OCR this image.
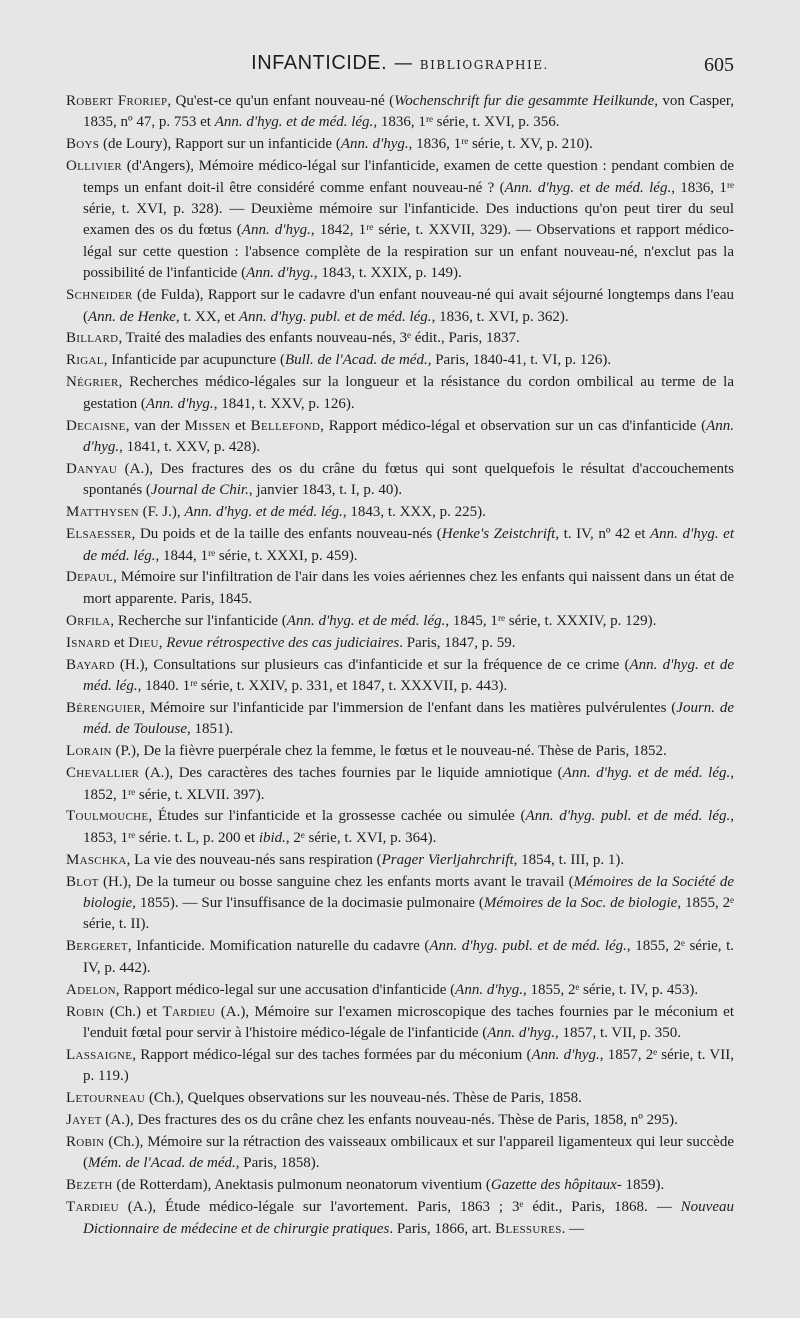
INFANTICIDE. — BIBLIOGRAPHIE.	605

Robert Froriep, Qu'est-ce qu'un enfant nouveau-né (Wochenschrift fur die gesammte Heilkunde, von Casper, 1835, nº 47, p. 753 et Ann. d'hyg. et de méd. lég., 1836, 1ʳᵉ série, t. XVI, p. 356.

Boys (de Loury), Rapport sur un infanticide (Ann. d'hyg., 1836, 1ʳᵉ série, t. XV, p. 210).

Ollivier (d'Angers), Mémoire médico-légal sur l'infanticide, examen de cette question : pendant combien de temps un enfant doit-il être considéré comme enfant nouveau-né ? (Ann. d'hyg. et de méd. lég., 1836, 1ʳᵉ série, t. XVI, p. 328). — Deuxième mémoire sur l'infanticide. Des inductions qu'on peut tirer du seul examen des os du fœtus (Ann. d'hyg., 1842, 1ʳᵉ série, t. XXVII, 329). — Observations et rapport médico-légal sur cette question : l'absence complète de la respiration sur un enfant nouveau-né, n'exclut pas la possibilité de l'infanticide (Ann. d'hyg., 1843, t. XXIX, p. 149).

Schneider (de Fulda), Rapport sur le cadavre d'un enfant nouveau-né qui avait séjourné longtemps dans l'eau (Ann. de Henke, t. XX, et Ann. d'hyg. publ. et de méd. lég., 1836, t. XVI, p. 362).

Billard, Traité des maladies des enfants nouveau-nés, 3ᵉ édit., Paris, 1837.

Rigal, Infanticide par acupuncture (Bull. de l'Acad. de méd., Paris, 1840-41, t. VI, p. 126).

Négrier, Recherches médico-légales sur la longueur et la résistance du cordon ombilical au terme de la gestation (Ann. d'hyg., 1841, t. XXV, p. 126).

Decaisne, van der Missen et Bellefond, Rapport médico-légal et observation sur un cas d'infanticide (Ann. d'hyg., 1841, t. XXV, p. 428).

Danyau (A.), Des fractures des os du crâne du fœtus qui sont quelquefois le résultat d'accouchements spontanés (Journal de Chir., janvier 1843, t. I, p. 40).

Matthysen (F. J.), Ann. d'hyg. et de méd. lég., 1843, t. XXX, p. 225).

Elsaesser, Du poids et de la taille des enfants nouveau-nés (Henke's Zeistchrift, t. IV, nº 42 et Ann. d'hyg. et de méd. lég., 1844, 1ʳᵉ série, t. XXXI, p. 459).

Depaul, Mémoire sur l'infiltration de l'air dans les voies aériennes chez les enfants qui naissent dans un état de mort apparente. Paris, 1845.

Orfila, Recherche sur l'infanticide (Ann. d'hyg. et de méd. lég., 1845, 1ʳᵉ série, t. XXXIV, p. 129).

Isnard et Dieu, Revue rétrospective des cas judiciaires. Paris, 1847, p. 59.

Bayard (H.), Consultations sur plusieurs cas d'infanticide et sur la fréquence de ce crime (Ann. d'hyg. et de méd. lég., 1840. 1ʳᵉ série, t. XXIV, p. 331, et 1847, t. XXXVII, p. 443).

Bérenguier, Mémoire sur l'infanticide par l'immersion de l'enfant dans les matières pulvérulentes (Journ. de méd. de Toulouse, 1851).

Lorain (P.), De la fièvre puerpérale chez la femme, le fœtus et le nouveau-né. Thèse de Paris, 1852.

Chevallier (A.), Des caractères des taches fournies par le liquide amniotique (Ann. d'hyg. et de méd. lég., 1852, 1ʳᵉ série, t. XLVII. 397).

Toulmouche, Études sur l'infanticide et la grossesse cachée ou simulée (Ann. d'hyg. publ. et de méd. lég., 1853, 1ʳᵉ série. t. L, p. 200 et ibid., 2ᵉ série, t. XVI, p. 364).

Maschka, La vie des nouveau-nés sans respiration (Prager Vierljahrchrift, 1854, t. III, p. 1).

Blot (H.), De la tumeur ou bosse sanguine chez les enfants morts avant le travail (Mémoires de la Société de biologie, 1855). — Sur l'insuffisance de la docimasie pulmonaire (Mémoires de la Soc. de biologie, 1855, 2ᵉ série, t. II).

Bergeret, Infanticide. Momification naturelle du cadavre (Ann. d'hyg. publ. et de méd. lég., 1855, 2ᵉ série, t. IV, p. 442).

Adelon, Rapport médico-legal sur une accusation d'infanticide (Ann. d'hyg., 1855, 2ᵉ série, t. IV, p. 453).

Robin (Ch.) et Tardieu (A.), Mémoire sur l'examen microscopique des taches fournies par le méconium et l'enduit fœtal pour servir à l'histoire médico-légale de l'infanticide (Ann. d'hyg., 1857, t. VII, p. 350.

Lassaigne, Rapport médico-légal sur des taches formées par du méconium (Ann. d'hyg., 1857, 2ᵉ série, t. VII, p. 119.)

Letourneau (Ch.), Quelques observations sur les nouveau-nés. Thèse de Paris, 1858.

Jayet (A.), Des fractures des os du crâne chez les enfants nouveau-nés. Thèse de Paris, 1858, nº 295).

Robin (Ch.), Mémoire sur la rétraction des vaisseaux ombilicaux et sur l'appareil ligamenteux qui leur succède (Mém. de l'Acad. de méd., Paris, 1858).

Bezeth (de Rotterdam), Anektasis pulmonum neonatorum viventium (Gazette des hôpitaux- 1859).

Tardieu (A.), Étude médico-légale sur l'avortement. Paris, 1863 ; 3ᵉ édit., Paris, 1868. — Nouveau Dictionnaire de médecine et de chirurgie pratiques. Paris, 1866, art. Blessures. —
